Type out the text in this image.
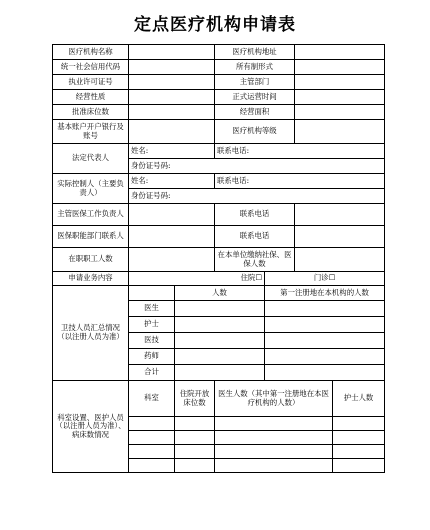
定点医疗机构申请表
医疗机构名称			医疗机构地址				
统一社会信用代码			所有制形式				
执业许可证号			主管部门				
经营性质			正式运营时间				
批准床位数			经营面积				
基本账户开户银行及账号			医疗机构等级				
法定代表人	姓名:		联系电话:				
	身份证号码:						
实际控制人（主要负责人）	姓名:		联系电话:				
	身份证号码:						
主管医保工作负责人			联系电话				
医保职能部门联系人			联系电话				
在职职工人数			在本单位缴纳社保、医保人数				
申请业务内容	住院☐			门诊☐			
卫技人员汇总情况（以注册人员为准）		人数		第一注册地在本机构的人数			
	医生						
	护士						
	医技						
	药师						
	合计						
科室设置、医护人员（以注册人员为准）、病床数情况	科室	住院开放床位数	医生人数（其中第一注册地在本医疗机构的人数）			护士人数	
